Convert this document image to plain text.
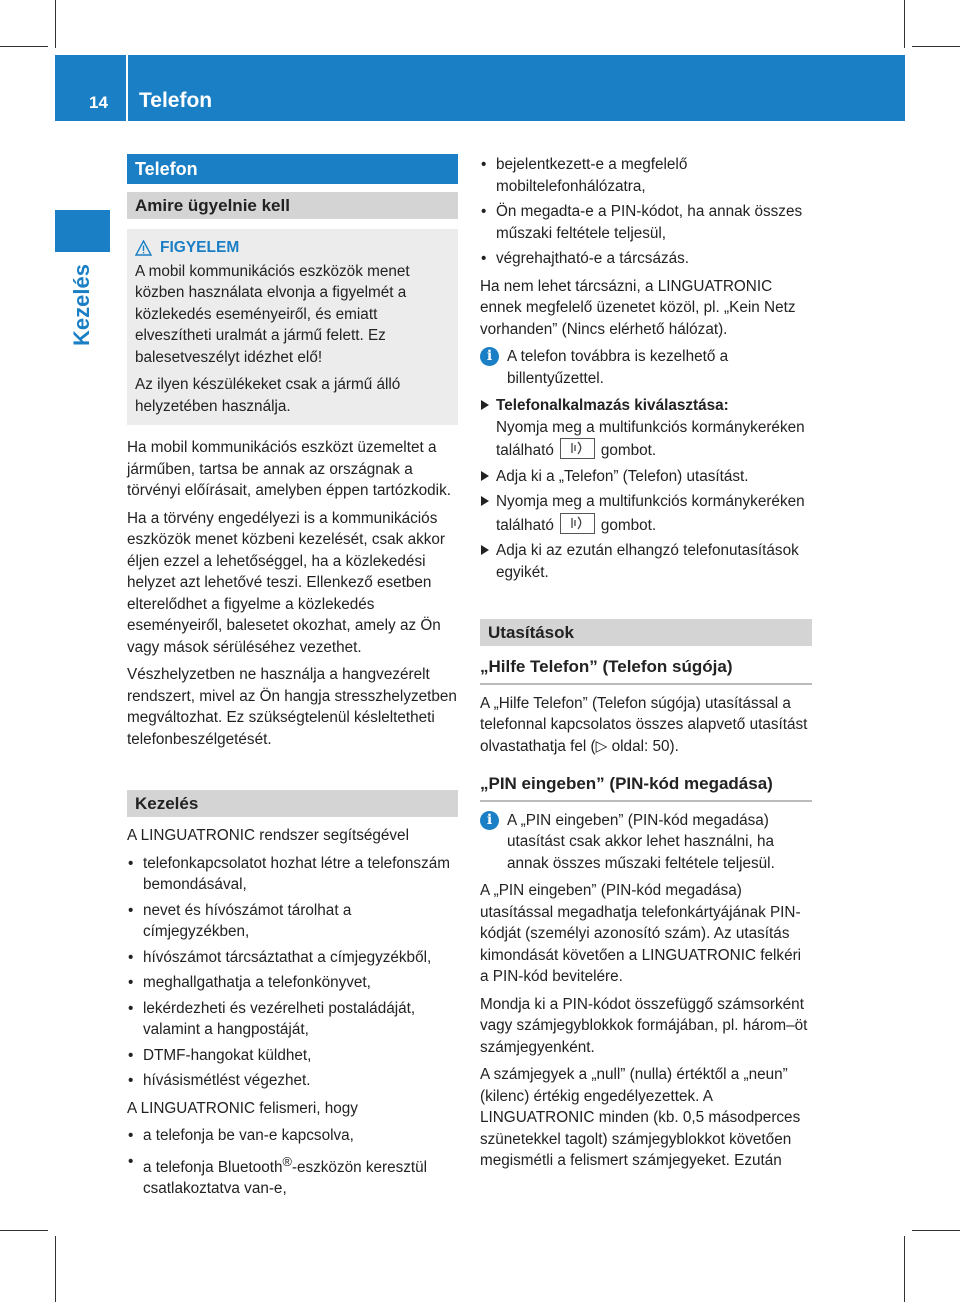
14 Telefon
Kezelés
Telefon
Amire ügyelnie kell
FIGYELEM

A mobil kommunikációs eszközök menet közben használata elvonja a figyelmét a közlekedés eseményeiről, és emiatt elveszítheti uralmát a jármű felett. Ez balesetveszélyt idézhet elő!

Az ilyen készülékeket csak a jármű álló helyzetében használja.

Ha mobil kommunikációs eszközt üzemeltet a járműben, tartsa be annak az országnak a törvényi előírásait, amelyben éppen tartózkodik.

Ha a törvény engedélyezi is a kommunikációs eszközök menet közbeni kezelését, csak akkor éljen ezzel a lehetőséggel, ha a közlekedési helyzet azt lehetővé teszi. Ellenkező esetben elterelődhet a figyelme a közlekedés eseményeiről, balesetet okozhat, amely az Ön vagy mások sérüléséhez vezethet.

Vészhelyzetben ne használja a hangvezérelt rendszert, mivel az Ön hangja stresszhelyzetben megváltozhat. Ez szükségtelenül késleltetheti telefonbeszélgetését.

Kezelés

A LINGUATRONIC rendszer segítségével

• telefonkapcsolatot hozhat létre a telefonszám bemondásával,
• nevet és hívószámot tárolhat a címjegyzékben,
• hívószámot tárcsáztathat a címjegyzékből,
• meghallgathatja a telefonkönyvet,
• lekérdezheti és vezérelheti postaládáját, valamint a hangpostáját,
• DTMF-hangokat küldhet,
• hívásismétlést végezhet.

A LINGUATRONIC felismeri, hogy

• a telefonja be van-e kapcsolva,
• a telefonja Bluetooth®-eszközön keresztül csatlakoztatva van-e,
• bejelentkezett-e a megfelelő mobiltelefonhálózatra,
• Ön megadta-e a PIN-kódot, ha annak összes műszaki feltétele teljesül,
• végrehajtható-e a tárcsázás.

Ha nem lehet tárcsázni, a LINGUATRONIC ennek megfelelő üzenetet közöl, pl. „Kein Netz vorhanden” (Nincs elérhető hálózat).

i A telefon továbbra is kezelhető a billentyűzettel.
Telefonalkalmazás kiválasztása:
Nyomja meg a multifunkciós kormánykeréken található	gombot.
Adja ki a „Telefon” (Telefon) utasítást.
Nyomja meg a multifunkciós kormánykeréken található	gombot.
Adja ki az ezután elhangzó telefonutasítások egyikét.
Utasítások
„Hilfe Telefon” (Telefon súgója)

A „Hilfe Telefon” (Telefon súgója) utasítással a telefonnal kapcsolatos összes alapvető utasítást olvastathatja fel (▷ oldal: 50).

„PIN eingeben” (PIN-kód megadása)
i A „PIN eingeben” (PIN-kód megadása) utasítást csak akkor lehet használni, ha annak összes műszaki feltétele teljesül.

A „PIN eingeben” (PIN-kód megadása) utasítással megadhatja telefonkártyájának PIN-kódját (személyi azonosító szám). Az utasítás kimondását követően a LINGUATRONIC felkéri a PIN-kód bevitelére.

Mondja ki a PIN-kódot összefüggő számsorként vagy számjegyblokkok formájában, pl. három–öt számjegyenként.

A számjegyek a „null” (nulla) értéktől a „neun” (kilenc) értékig engedélyezettek. A LINGUATRONIC minden (kb. 0,5 másodperces szünetekkel tagolt) számjegyblokkot követően megismétli a felismert számjegyeket. Ezután
